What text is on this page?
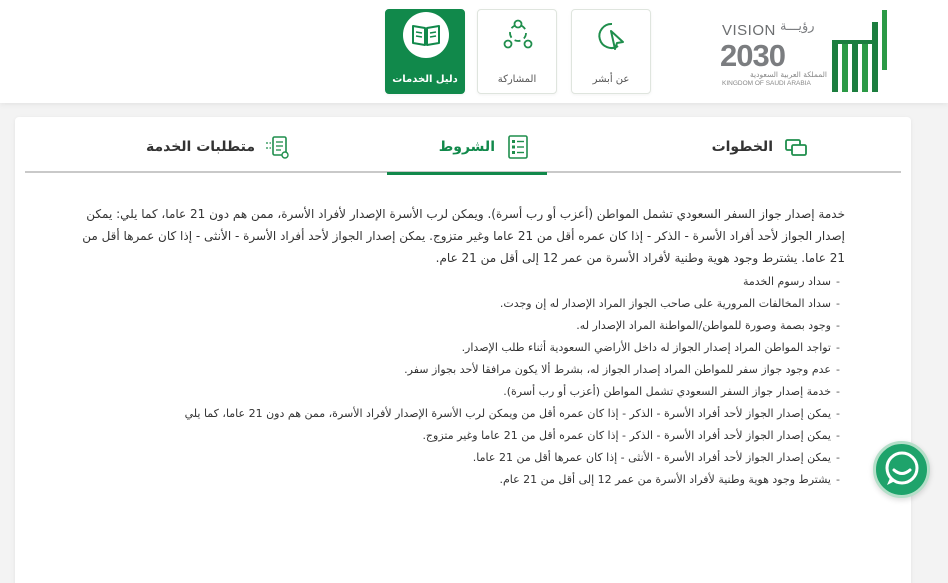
VISION رؤيـــة
2030
المملكة العربية السعودية
KINGDOM OF SAUDI ARABIA
عن أبشر
المشاركة
دليل الخدمات
الخطوات
الشروط
متطلبات الخدمة

خدمة إصدار جواز السفر السعودي تشمل المواطن (أعزب أو رب أسرة). ويمكن لرب الأسرة الإصدار لأفراد الأسرة، ممن هم دون 21 عاما، كما يلي: يمكن إصدار الجواز لأحد أفراد الأسرة - الذكر - إذا كان عمره أقل من 21 عاما وغير متزوج. يمكن إصدار الجواز لأحد أفراد الأسرة - الأنثى - إذا كان عمرها أقل من 21 عاما. يشترط وجود هوية وطنية لأفراد الأسرة من عمر 12 إلى أقل من 21 عام.

-سداد رسوم الخدمة
-سداد المخالفات المرورية على صاحب الجواز المراد الإصدار له إن وجدت.
-وجود بصمة وصورة للمواطن/المواطنة المراد الإصدار له.
-تواجد المواطن المراد إصدار الجواز له داخل الأراضي السعودية أثناء طلب الإصدار.
-عدم وجود جواز سفر للمواطن المراد إصدار الجواز له، بشرط ألا يكون مرافقا لأحد بجواز سفر.
-خدمة إصدار جواز السفر السعودي تشمل المواطن (أعزب أو رب أسرة).
-يمكن إصدار الجواز لأحد أفراد الأسرة - الذكر - إذا كان عمره أقل من ويمكن لرب الأسرة الإصدار لأفراد الأسرة، ممن هم دون 21 عاما، كما يلي
-يمكن إصدار الجواز لأحد أفراد الأسرة - الذكر - إذا كان عمره أقل من 21 عاما وغير متزوج.
-يمكن إصدار الجواز لأحد أفراد الأسرة - الأنثى - إذا كان عمرها أقل من 21 عاما.
-يشترط وجود هوية وطنية لأفراد الأسرة من عمر 12 إلى أقل من 21 عام.
